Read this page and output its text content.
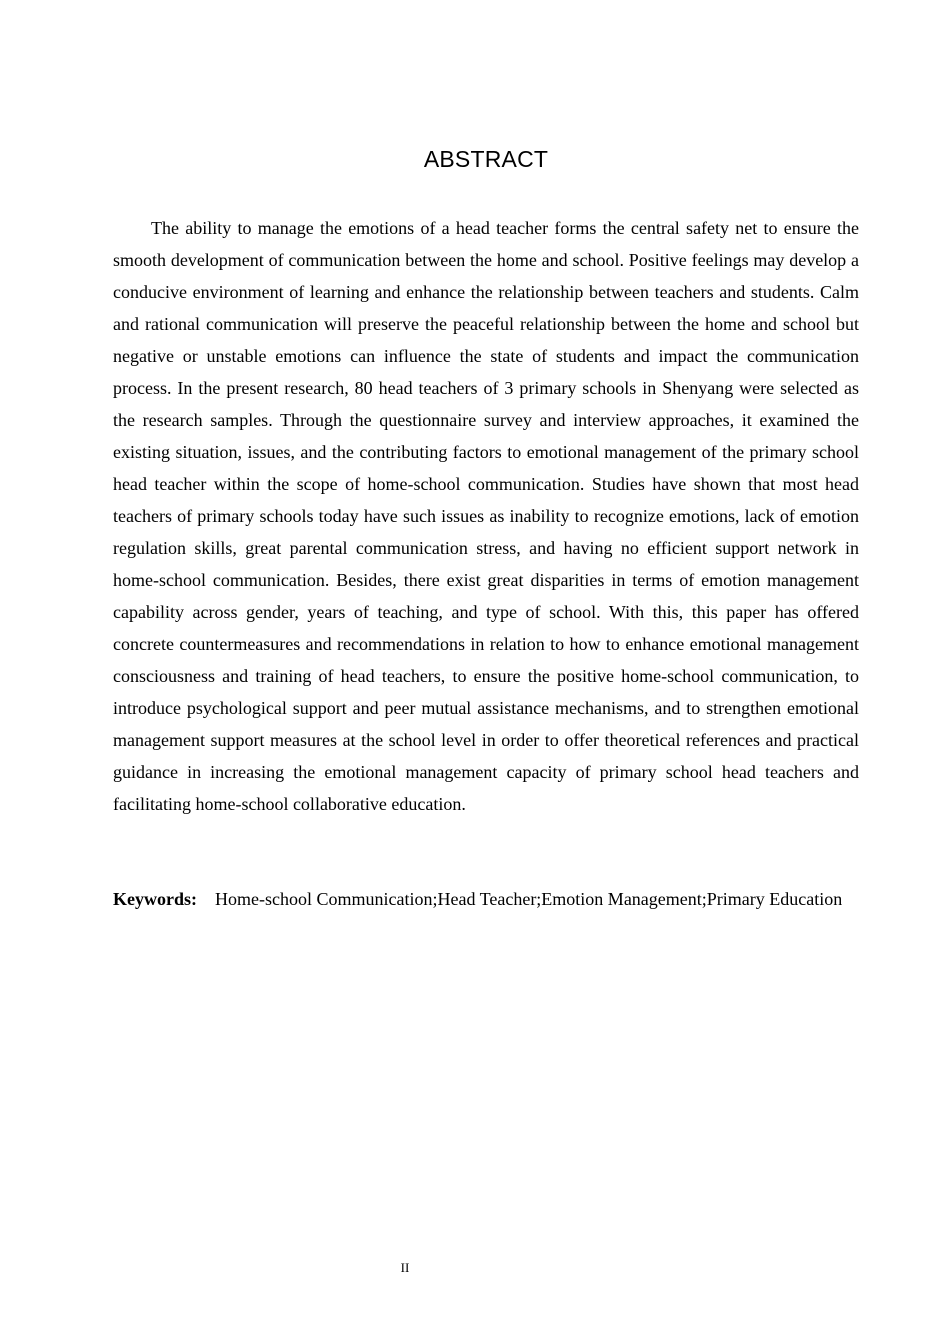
ABSTRACT

The ability to manage the emotions of a head teacher forms the central safety net to ensure the smooth development of communication between the home and school. Positive feelings may develop a conducive environment of learning and enhance the relationship between teachers and students. Calm and rational communication will preserve the peaceful relationship between the home and school but negative or unstable emotions can influence the state of students and impact the communication process. In the present research, 80 head teachers of 3 primary schools in Shenyang were selected as the research samples. Through the questionnaire survey and interview approaches, it examined the existing situation, issues, and the contributing factors to emotional management of the primary school head teacher within the scope of home-school communication. Studies have shown that most head teachers of primary schools today have such issues as inability to recognize emotions, lack of emotion regulation skills, great parental communication stress, and having no efficient support network in home-school communication. Besides, there exist great disparities in terms of emotion management capability across gender, years of teaching, and type of school. With this, this paper has offered concrete countermeasures and recommendations in relation to how to enhance emotional management consciousness and training of head teachers, to ensure the positive home-school communication, to introduce psychological support and peer mutual assistance mechanisms, and to strengthen emotional management support measures at the school level in order to offer theoretical references and practical guidance in increasing the emotional management capacity of primary school head teachers and facilitating home-school collaborative education.

Keywords:  Home-school Communication;Head Teacher;Emotion Management;Primary Education

II
